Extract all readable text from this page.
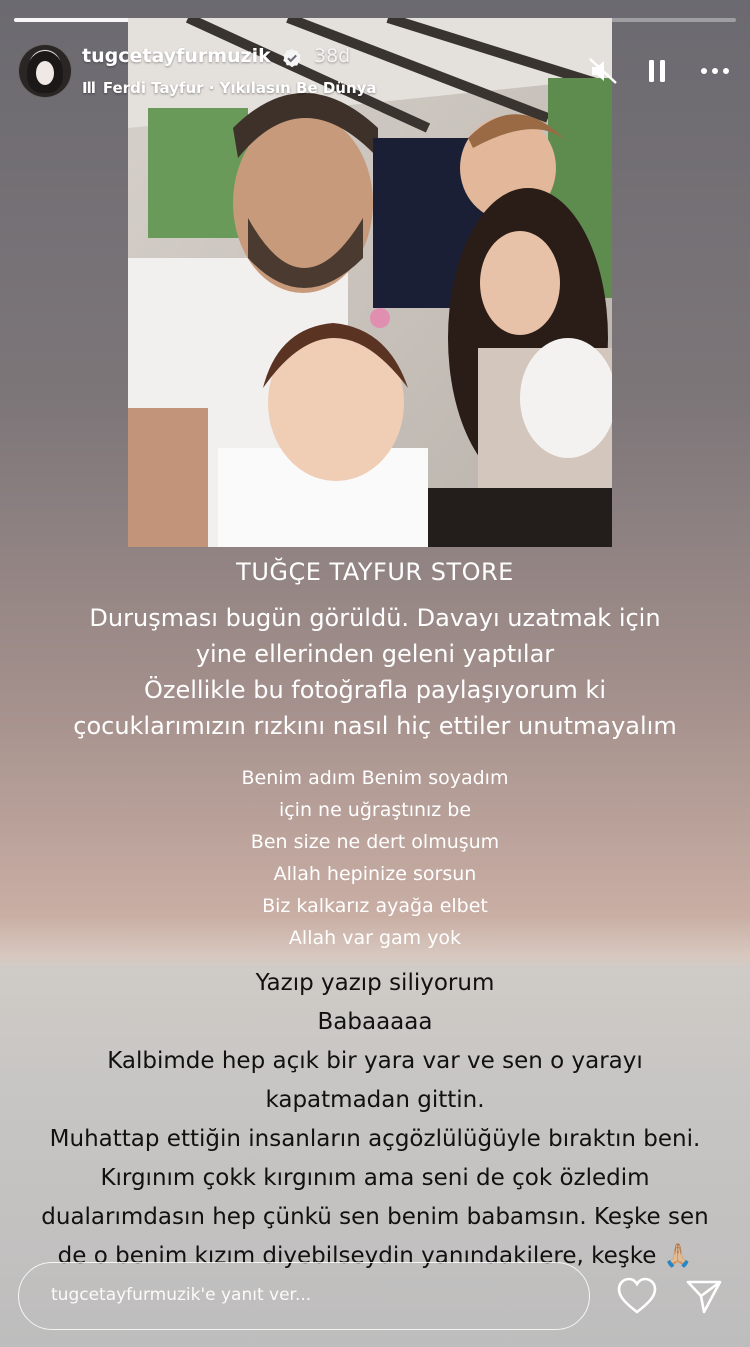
tugcetayfurmuzik 38d
Ill Ferdi Tayfur · Yıkılasın Be Dünya
TUĞÇE TAYFUR STORE
Duruşması bugün görüldü. Davayı uzatmak için
yine ellerinden geleni yaptılar
Özellikle bu fotoğrafla paylaşıyorum ki
çocuklarımızın rızkını nasıl hiç ettiler unutmayalım
Benim adım Benim soyadım
için ne uğraştınız be
Ben size ne dert olmuşum
Allah hepinize sorsun
Biz kalkarız ayağa elbet
Allah var gam yok
Yazıp yazıp siliyorum
Babaaaaa
Kalbimde hep açık bir yara var ve sen o yarayı
kapatmadan gittin.
Muhattap ettiğin insanların açgözlülüğüyle bıraktın beni.
Kırgınım çokk kırgınım ama seni de çok özledim
dualarımdasın hep çünkü sen benim babamsın. Keşke sen
de o benim kızım diyebilseydin yanındakilere, keşke 🙏🏼
tugcetayfurmuzik'e yanıt ver...
